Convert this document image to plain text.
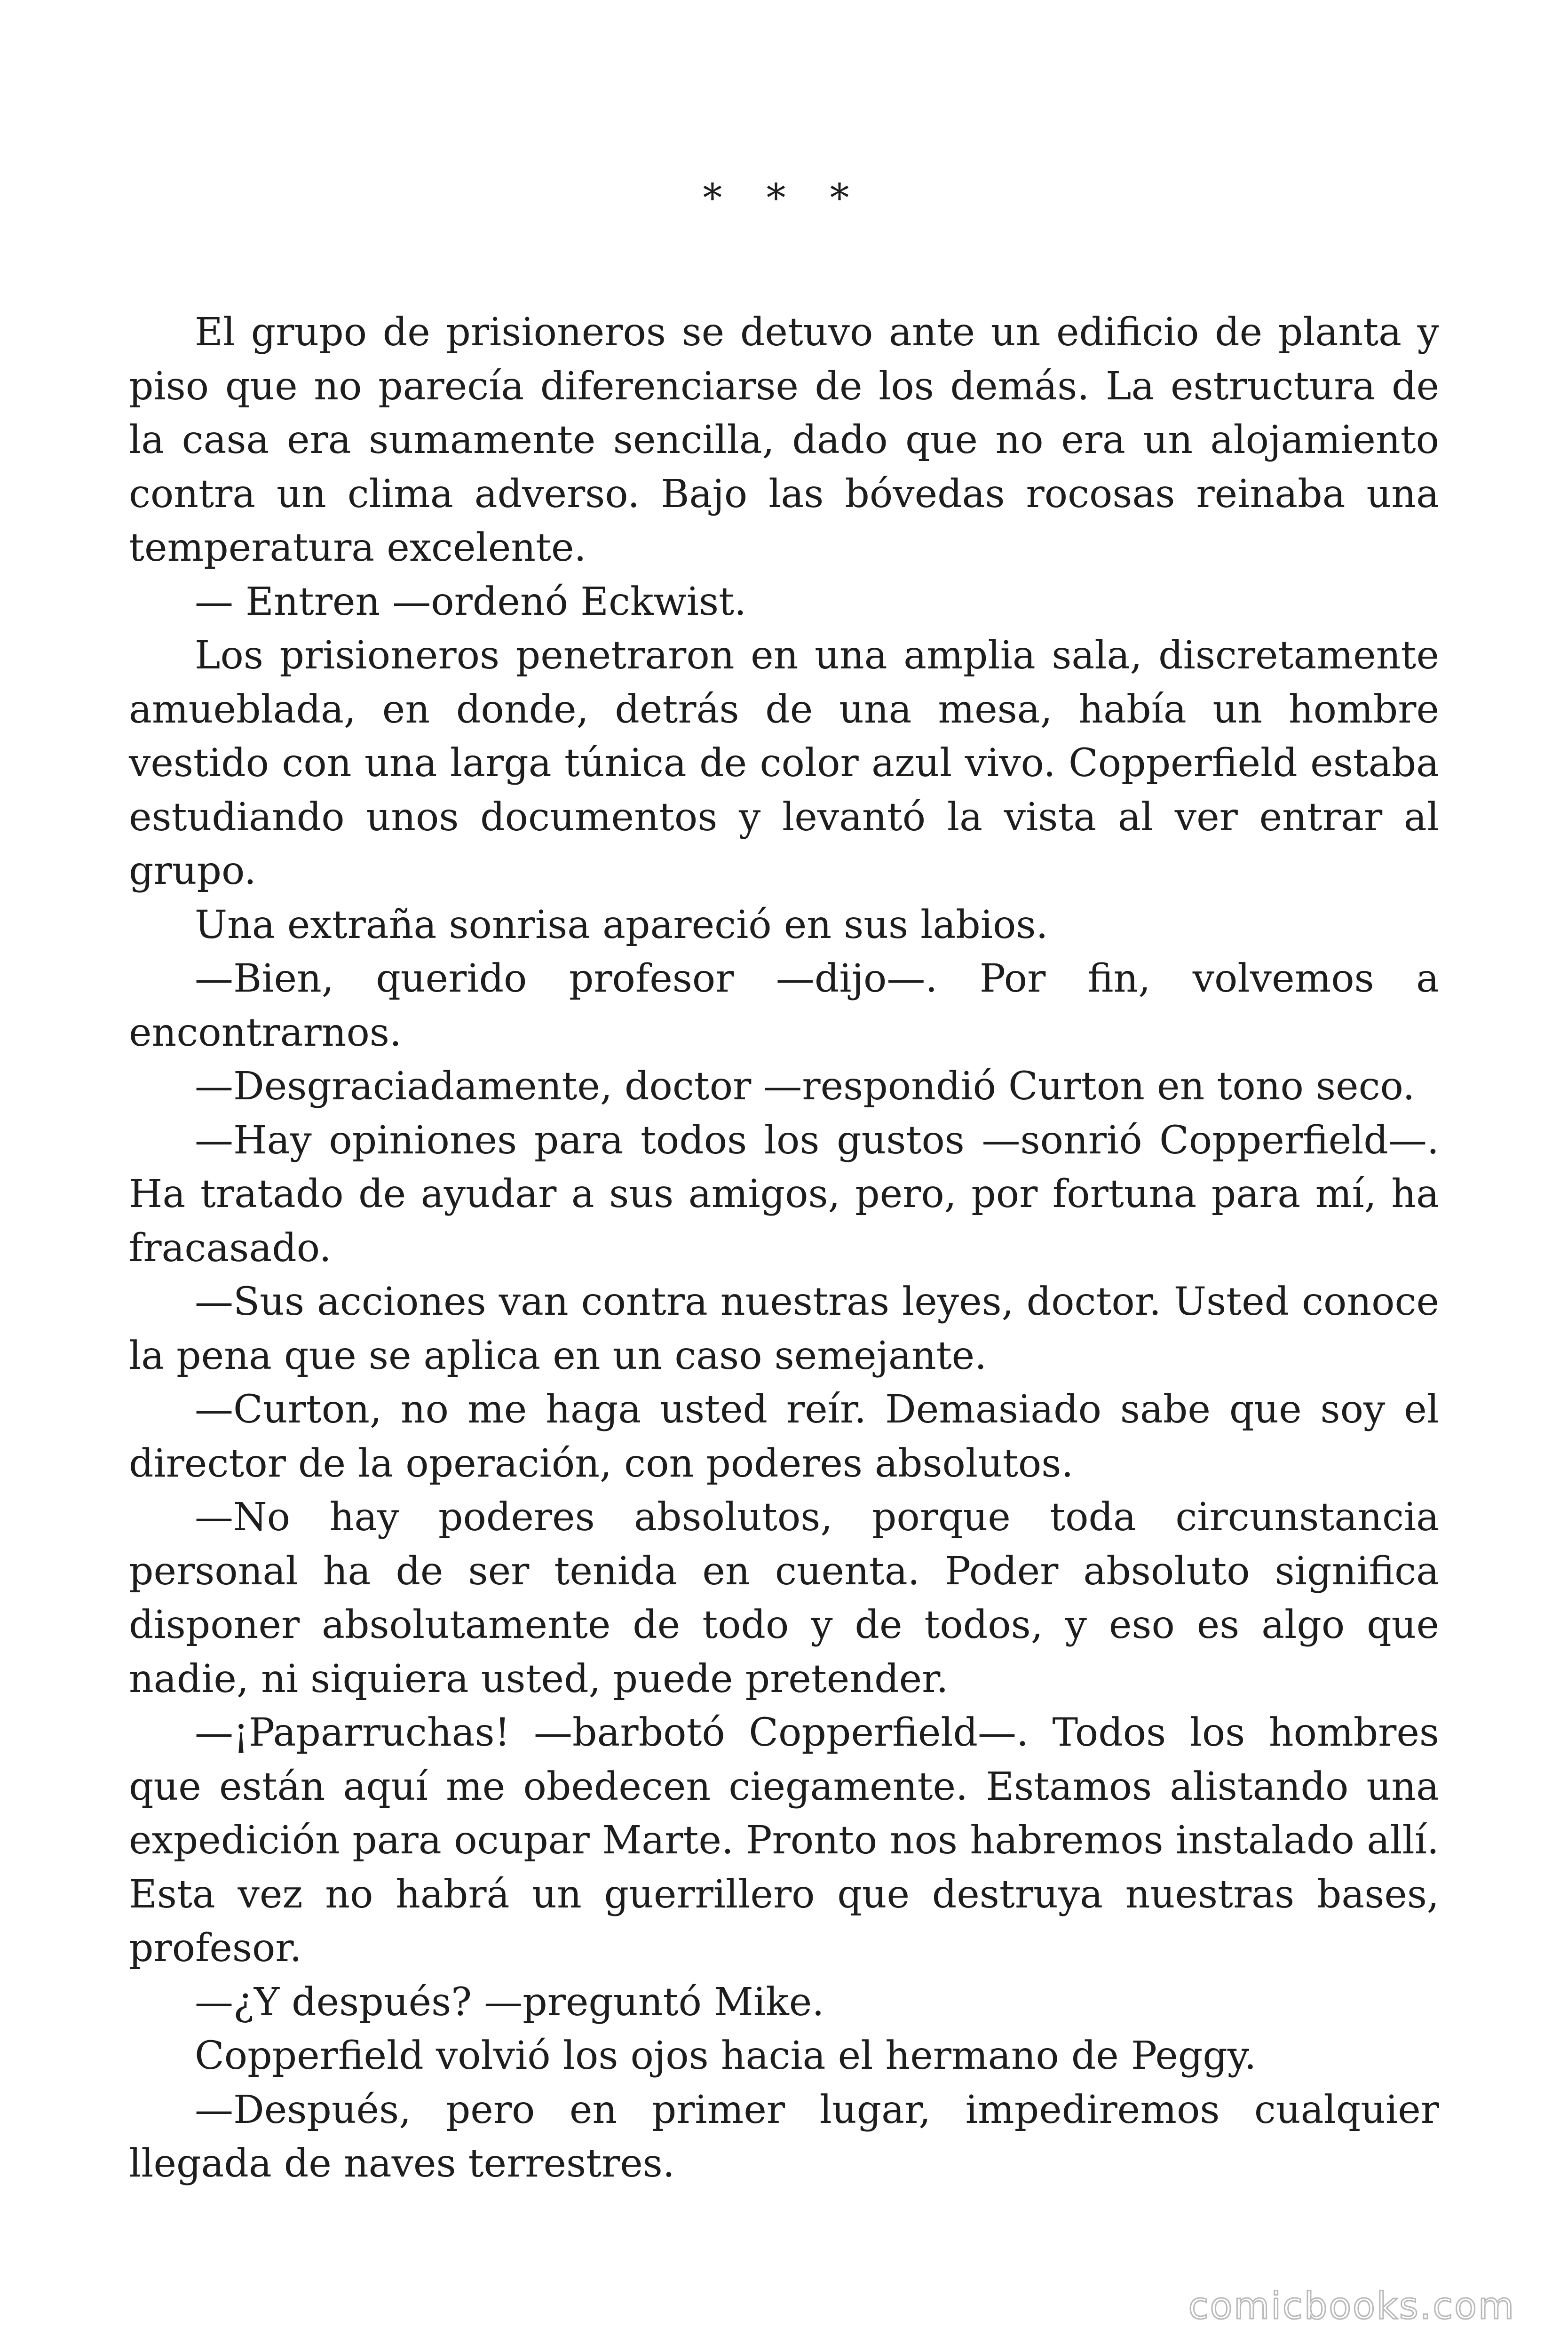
* * *

El grupo de prisioneros se detuvo ante un edificio de planta y piso que no parecía diferenciarse de los demás. La estructura de la casa era sumamente sencilla, dado que no era un alojamiento contra un clima adverso. Bajo las bóvedas rocosas reinaba una temperatura excelente.

— Entren —ordenó Eckwist.

Los prisioneros penetraron en una amplia sala, discretamente amueblada, en donde, detrás de una mesa, había un hombre vestido con una larga túnica de color azul vivo. Copperfield estaba estudiando unos documentos y levantó la vista al ver entrar al grupo.

Una extraña sonrisa apareció en sus labios.

—Bien, querido profesor —dijo—. Por fin, volvemos a encontrarnos.

—Desgraciadamente, doctor —respondió Curton en tono seco.

—Hay opiniones para todos los gustos —sonrió Copperfield—. Ha tratado de ayudar a sus amigos, pero, por fortuna para mí, ha fracasado.

—Sus acciones van contra nuestras leyes, doctor. Usted conoce la pena que se aplica en un caso semejante.

—Curton, no me haga usted reír. Demasiado sabe que soy el director de la operación, con poderes absolutos.

—No hay poderes absolutos, porque toda circunstancia personal ha de ser tenida en cuenta. Poder absoluto significa disponer absolutamente de todo y de todos, y eso es algo que nadie, ni siquiera usted, puede pretender.

—¡Paparruchas! —barbotó Copperfield—. Todos los hombres que están aquí me obedecen ciegamente. Estamos alistando una expedición para ocupar Marte. Pronto nos habremos instalado allí. Esta vez no habrá un guerrillero que destruya nuestras bases, profesor.

—¿Y después? —preguntó Mike.

Copperfield volvió los ojos hacia el hermano de Peggy.

—Después, pero en primer lugar, impediremos cualquier llegada de naves terrestres.

comicbooks.com
